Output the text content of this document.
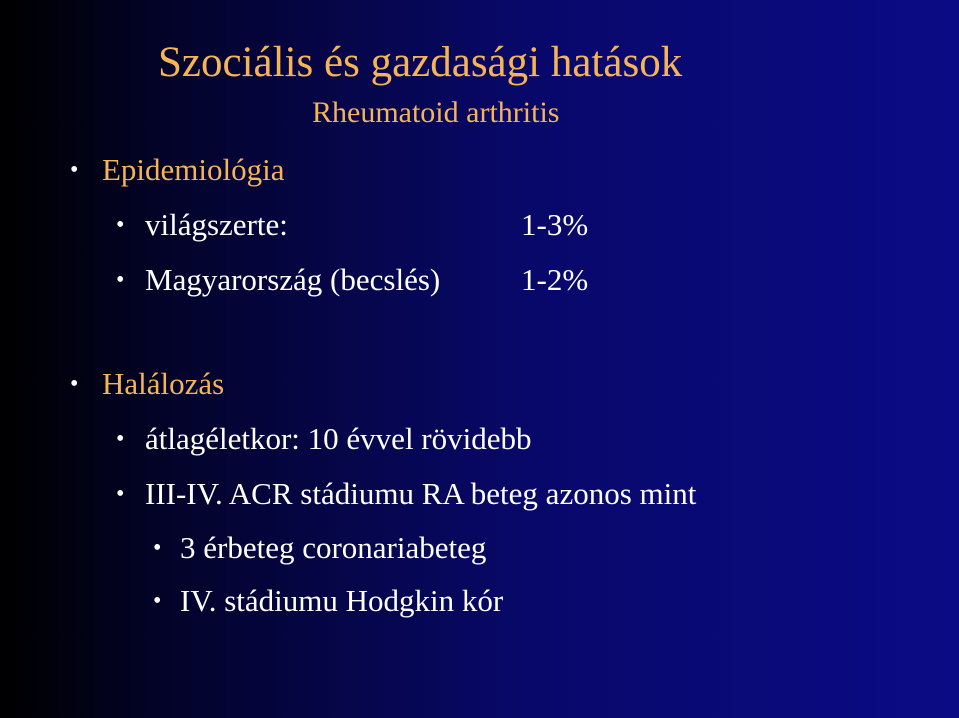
Szociális és gazdasági hatások
Rheumatoid arthritis
• Epidemiológia
• világszerte:	1-3%
• Magyarország (becslés)	1-2%
• Halálozás
• átlagéletkor: 10 évvel rövidebb
• III-IV. ACR stádiumu RA beteg azonos mint
• 3 érbeteg coronariabeteg
• IV. stádiumu Hodgkin kór
